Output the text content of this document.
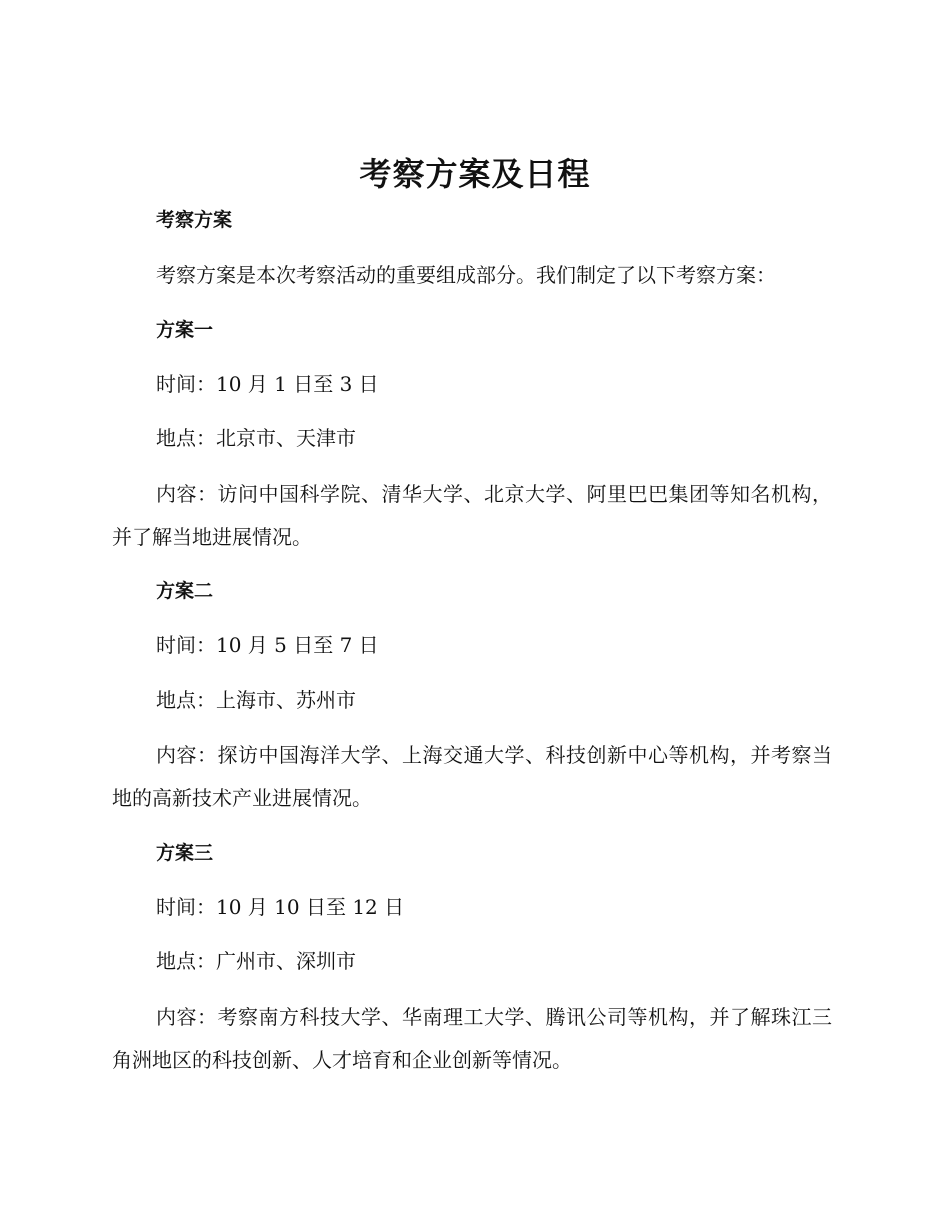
考察方案及日程
考察方案
考察方案是本次考察活动的重要组成部分。我们制定了以下考察方案：
方案一
时间：10 月 1 日至 3 日
地点：北京市、天津市
内容：访问中国科学院、清华大学、北京大学、阿里巴巴集团等知名机构，并了解当地进展情况。
方案二
时间：10 月 5 日至 7 日
地点：上海市、苏州市
内容：探访中国海洋大学、上海交通大学、科技创新中心等机构，并考察当地的高新技术产业进展情况。
方案三
时间：10 月 10 日至 12 日
地点：广州市、深圳市
内容：考察南方科技大学、华南理工大学、腾讯公司等机构，并了解珠江三角洲地区的科技创新、人才培育和企业创新等情况。
